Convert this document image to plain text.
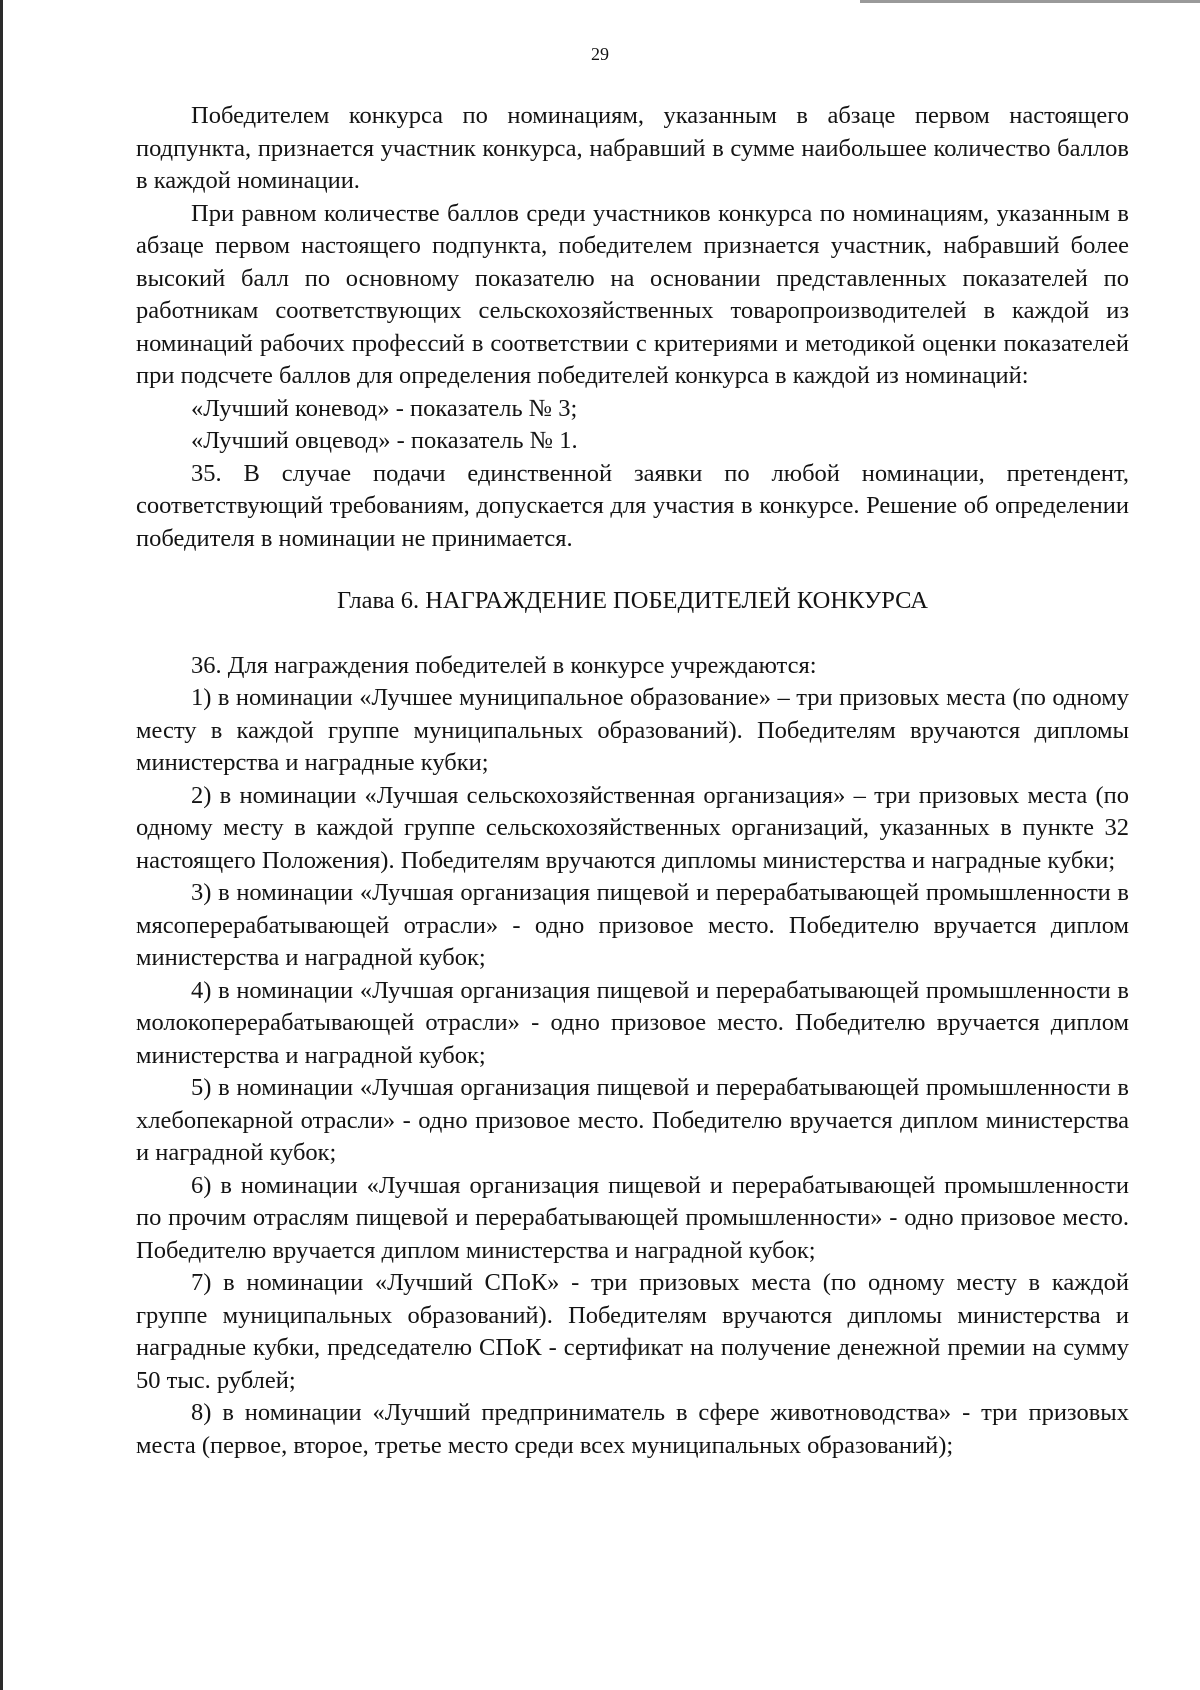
29

Победителем конкурса по номинациям, указанным в абзаце первом настоящего подпункта, признается участник конкурса, набравший в сумме наибольшее количество баллов в каждой номинации.

При равном количестве баллов среди участников конкурса по номинациям, указанным в абзаце первом настоящего подпункта, победителем признается участник, набравший более высокий балл по основному показателю на основании представленных показателей по работникам соответствующих сельскохозяйственных товаропроизводителей в каждой из номинаций рабочих профессий в соответствии с критериями и методикой оценки показателей при подсчете баллов для определения победителей конкурса в каждой из номинаций:

«Лучший коневод» - показатель № 3;

«Лучший овцевод» - показатель № 1.

35. В случае подачи единственной заявки по любой номинации, претендент, соответствующий требованиям, допускается для участия в конкурсе. Решение об определении победителя в номинации не принимается.

Глава 6. НАГРАЖДЕНИЕ ПОБЕДИТЕЛЕЙ КОНКУРСА

36. Для награждения победителей в конкурсе учреждаются:

1) в номинации «Лучшее муниципальное образование» – три призовых места (по одному месту в каждой группе муниципальных образований). Победителям вручаются дипломы министерства и наградные кубки;

2) в номинации «Лучшая сельскохозяйственная организация» – три призовых места (по одному месту в каждой группе сельскохозяйственных организаций, указанных в пункте 32 настоящего Положения). Победителям вручаются дипломы министерства и наградные кубки;

3) в номинации «Лучшая организация пищевой и перерабатывающей промышленности в мясоперерабатывающей отрасли» - одно призовое место. Победителю вручается диплом министерства и наградной кубок;

4) в номинации «Лучшая организация пищевой и перерабатывающей промышленности в молокоперерабатывающей отрасли» - одно призовое место. Победителю вручается диплом министерства и наградной кубок;

5) в номинации «Лучшая организация пищевой и перерабатывающей промышленности в хлебопекарной отрасли» - одно призовое место. Победителю вручается диплом министерства и наградной кубок;

6) в номинации «Лучшая организация пищевой и перерабатывающей промышленности по прочим отраслям пищевой и перерабатывающей промышленности» - одно призовое место. Победителю вручается диплом министерства и наградной кубок;

7) в номинации «Лучший СПоК» - три призовых места (по одному месту в каждой группе муниципальных образований). Победителям вручаются дипломы министерства и наградные кубки, председателю СПоК - сертификат на получение денежной премии на сумму 50 тыс. рублей;

8) в номинации «Лучший предприниматель в сфере животноводства» - три призовых места (первое, второе, третье место среди всех муниципальных образований);
